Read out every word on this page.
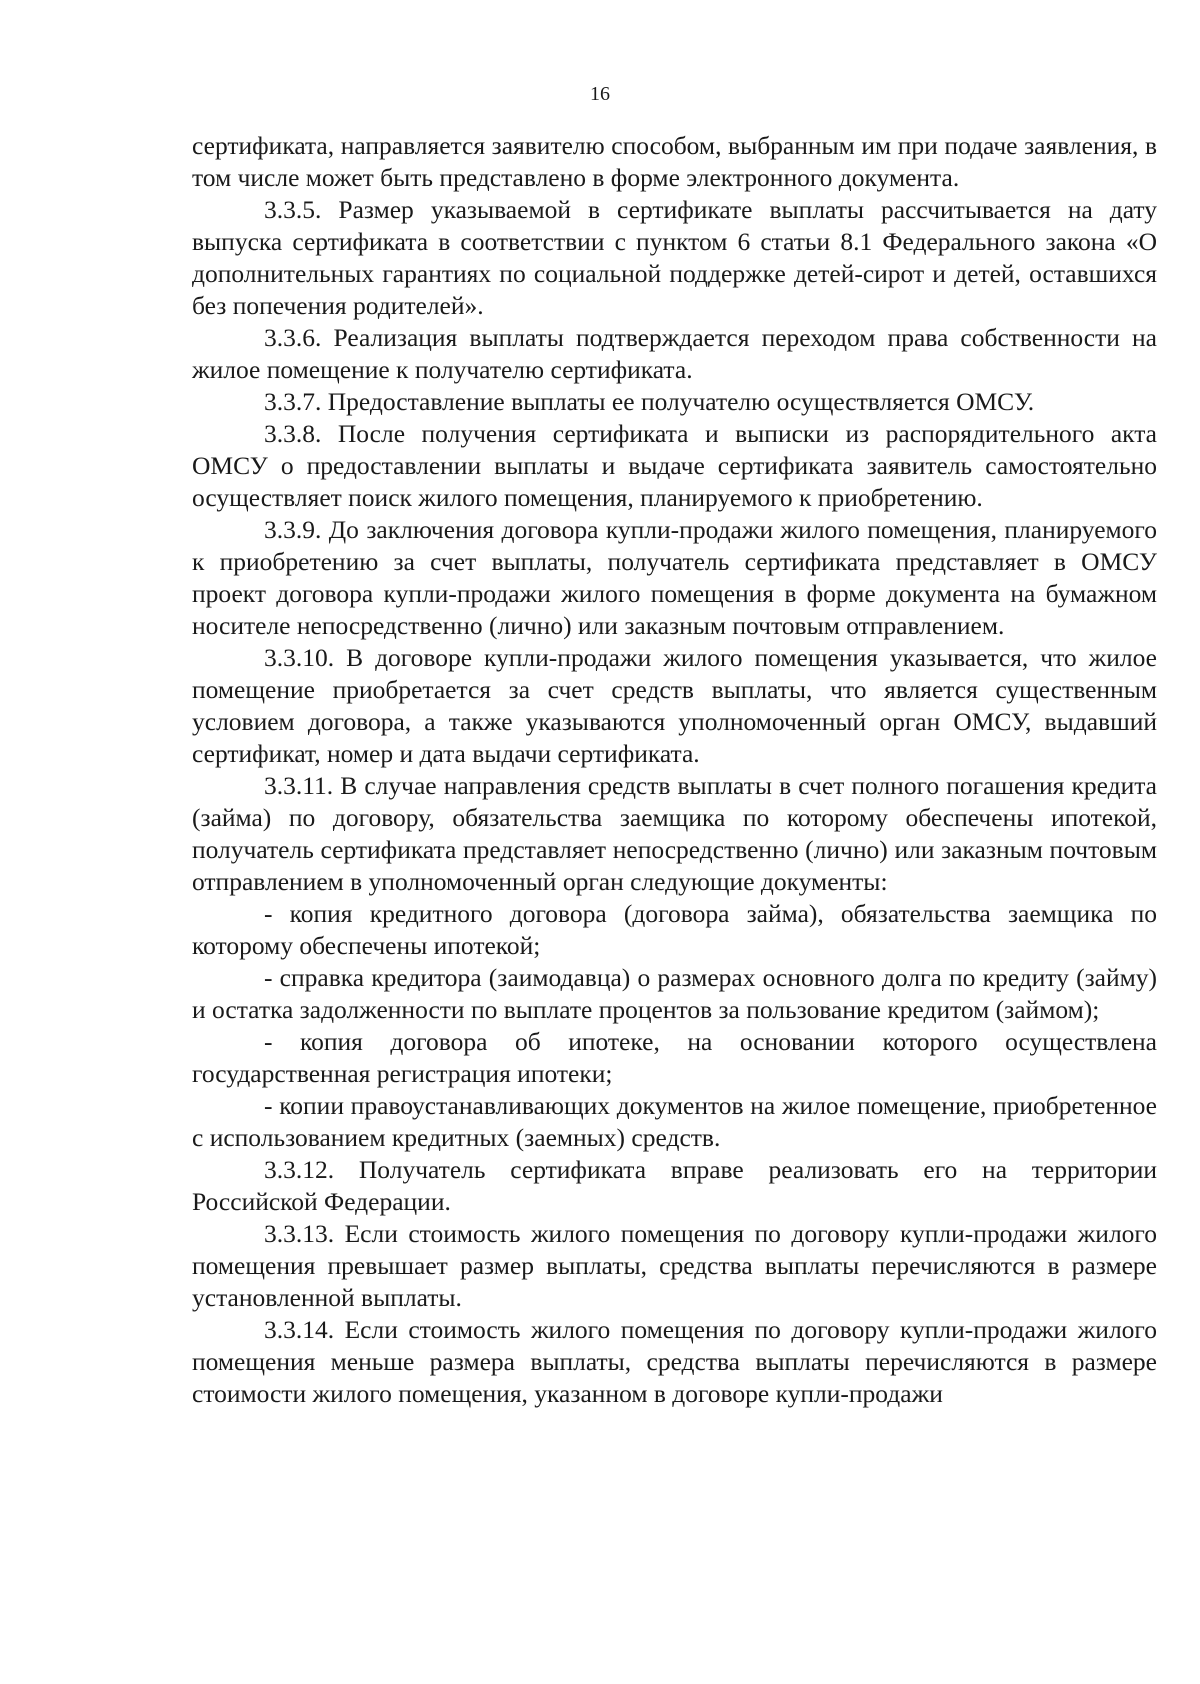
16

сертификата, направляется заявителю способом, выбранным им при подаче заявления, в том числе может быть представлено в форме электронного документа.

3.3.5. Размер указываемой в сертификате выплаты рассчитывается на дату выпуска сертификата в соответствии с пунктом 6 статьи 8.1 Федерального закона «О дополнительных гарантиях по социальной поддержке детей-сирот и детей, оставшихся без попечения родителей».

3.3.6. Реализация выплаты подтверждается переходом права собственности на жилое помещение к получателю сертификата.

3.3.7. Предоставление выплаты ее получателю осуществляется ОМСУ.

3.3.8. После получения сертификата и выписки из распорядительного акта ОМСУ о предоставлении выплаты и выдаче сертификата заявитель самостоятельно осуществляет поиск жилого помещения, планируемого к приобретению.

3.3.9. До заключения договора купли-продажи жилого помещения, планируемого к приобретению за счет выплаты, получатель сертификата представляет в ОМСУ проект договора купли-продажи жилого помещения в форме документа на бумажном носителе непосредственно (лично) или заказным почтовым отправлением.

3.3.10. В договоре купли-продажи жилого помещения указывается, что жилое помещение приобретается за счет средств выплаты, что является существенным условием договора, а также указываются уполномоченный орган ОМСУ, выдавший сертификат, номер и дата выдачи сертификата.

3.3.11. В случае направления средств выплаты в счет полного погашения кредита (займа) по договору, обязательства заемщика по которому обеспечены ипотекой, получатель сертификата представляет непосредственно (лично) или заказным почтовым отправлением в уполномоченный орган следующие документы:

- копия кредитного договора (договора займа), обязательства заемщика по которому обеспечены ипотекой;

- справка кредитора (заимодавца) о размерах основного долга по кредиту (займу) и остатка задолженности по выплате процентов за пользование кредитом (займом);

- копия договора об ипотеке, на основании которого осуществлена государственная регистрация ипотеки;

- копии правоустанавливающих документов на жилое помещение, приобретенное с использованием кредитных (заемных) средств.

3.3.12. Получатель сертификата вправе реализовать его на территории Российской Федерации.

3.3.13. Если стоимость жилого помещения по договору купли-продажи жилого помещения превышает размер выплаты, средства выплаты перечисляются в размере установленной выплаты.

3.3.14. Если стоимость жилого помещения по договору купли-продажи жилого помещения меньше размера выплаты, средства выплаты перечисляются в размере стоимости жилого помещения, указанном в договоре купли-продажи
